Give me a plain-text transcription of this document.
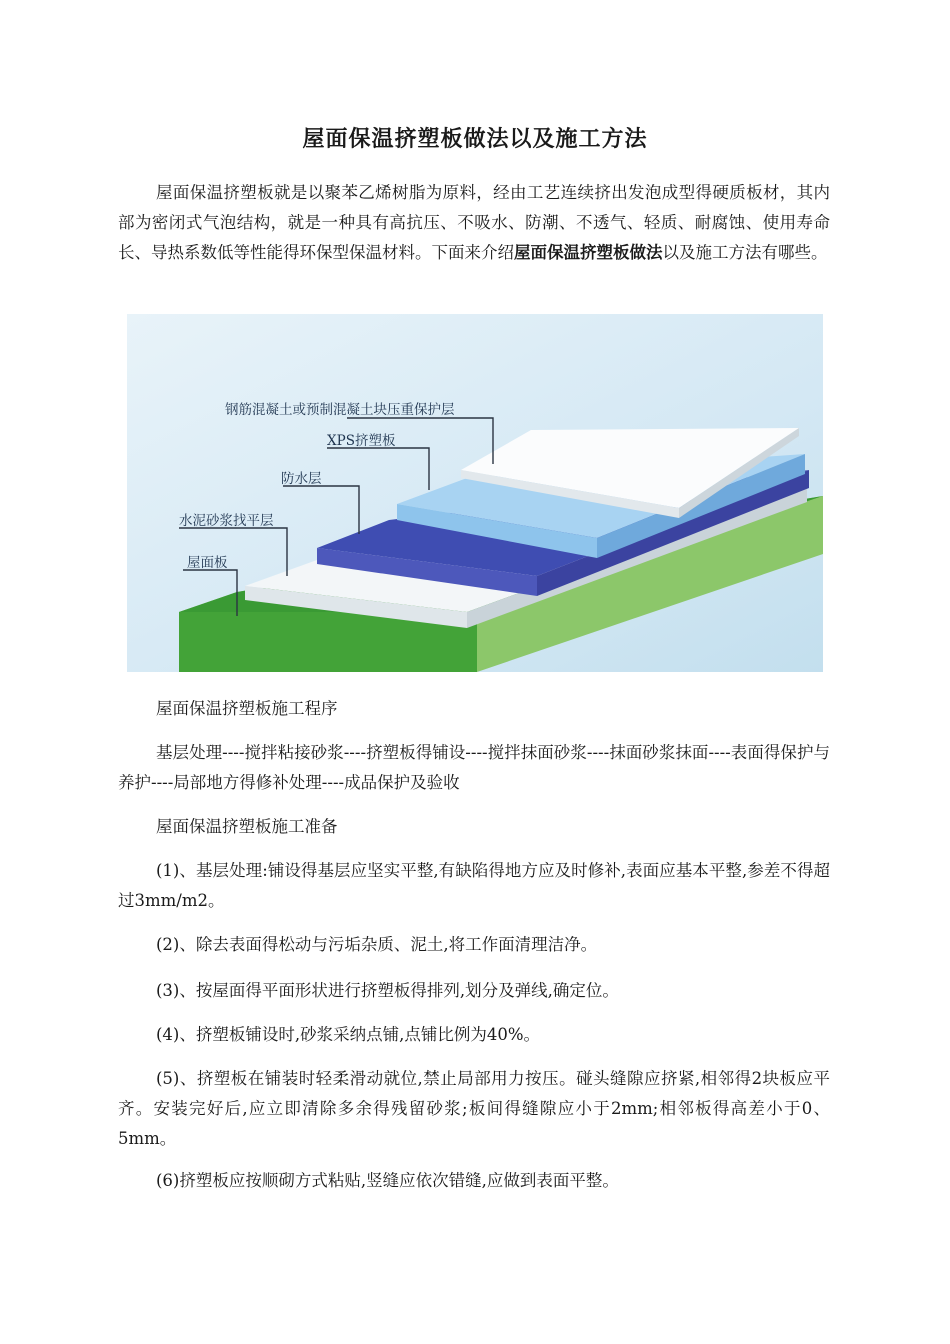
屋面保温挤塑板做法以及施工方法

屋面保温挤塑板就是以聚苯乙烯树脂为原料，经由工艺连续挤出发泡成型得硬质板材，其内部为密闭式气泡结构，就是一种具有高抗压、不吸水、防潮、不透气、轻质、耐腐蚀、使用寿命长、导热系数低等性能得环保型保温材料。下面来介绍屋面保温挤塑板做法以及施工方法有哪些。

钢筋混凝土或预制混凝土块压重保护层
XPS挤塑板
防水层
水泥砂浆找平层
屋面板

屋面保温挤塑板施工程序

基层处理----搅拌粘接砂浆----挤塑板得铺设----搅拌抹面砂浆----抹面砂浆抹面----表面得保护与养护----局部地方得修补处理----成品保护及验收

屋面保温挤塑板施工准备

(1)、基层处理:铺设得基层应坚实平整,有缺陷得地方应及时修补,表面应基本平整,参差不得超过3mm/m2。

(2)、除去表面得松动与污垢杂质、泥土,将工作面清理洁净。

(3)、按屋面得平面形状进行挤塑板得排列,划分及弹线,确定位。

(4)、挤塑板铺设时,砂浆采纳点铺,点铺比例为40%。

(5)、挤塑板在铺装时轻柔滑动就位,禁止局部用力按压。碰头缝隙应挤紧,相邻得2块板应平齐。安装完好后,应立即清除多余得残留砂浆;板间得缝隙应小于2mm;相邻板得高差小于0、5mm。

(6)挤塑板应按顺砌方式粘贴,竖缝应依次错缝,应做到表面平整。
